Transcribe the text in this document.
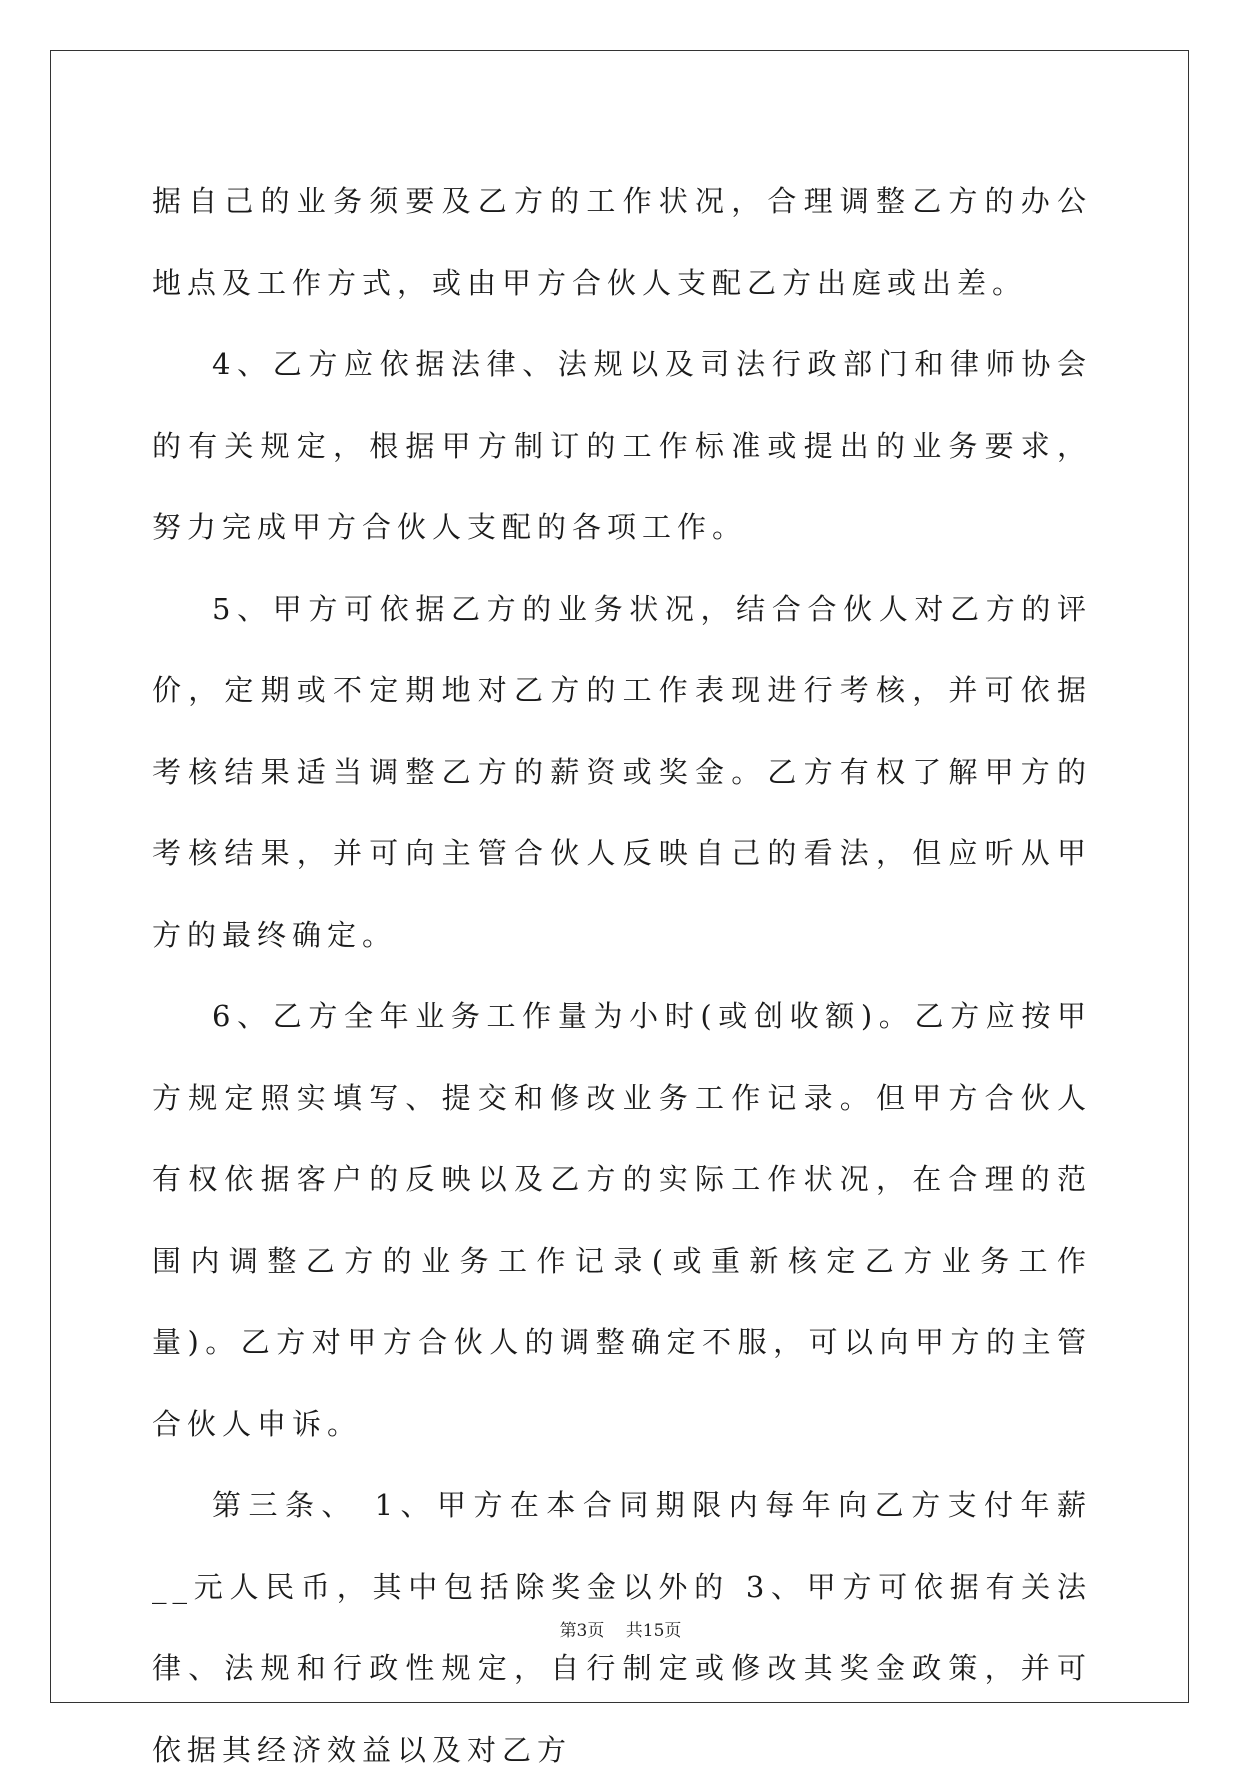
据自己的业务须要及乙方的工作状况，合理调整乙方的办公地点及工作方式，或由甲方合伙人支配乙方出庭或出差。

4、乙方应依据法律、法规以及司法行政部门和律师协会的有关规定，根据甲方制订的工作标准或提出的业务要求，努力完成甲方合伙人支配的各项工作。

5、甲方可依据乙方的业务状况，结合合伙人对乙方的评价，定期或不定期地对乙方的工作表现进行考核，并可依据考核结果适当调整乙方的薪资或奖金。乙方有权了解甲方的考核结果，并可向主管合伙人反映自己的看法，但应听从甲方的最终确定。

6、乙方全年业务工作量为小时(或创收额)。乙方应按甲方规定照实填写、提交和修改业务工作记录。但甲方合伙人有权依据客户的反映以及乙方的实际工作状况，在合理的范围内调整乙方的业务工作记录(或重新核定乙方业务工作量)。乙方对甲方合伙人的调整确定不服，可以向甲方的主管合伙人申诉。

第三条、 1、甲方在本合同期限内每年向乙方支付年薪__元人民币，其中包括除奖金以外的 3、甲方可依据有关法律、法规和行政性规定，自行制定或修改其奖金政策，并可依据其经济效益以及对乙方

第3页 共15页
